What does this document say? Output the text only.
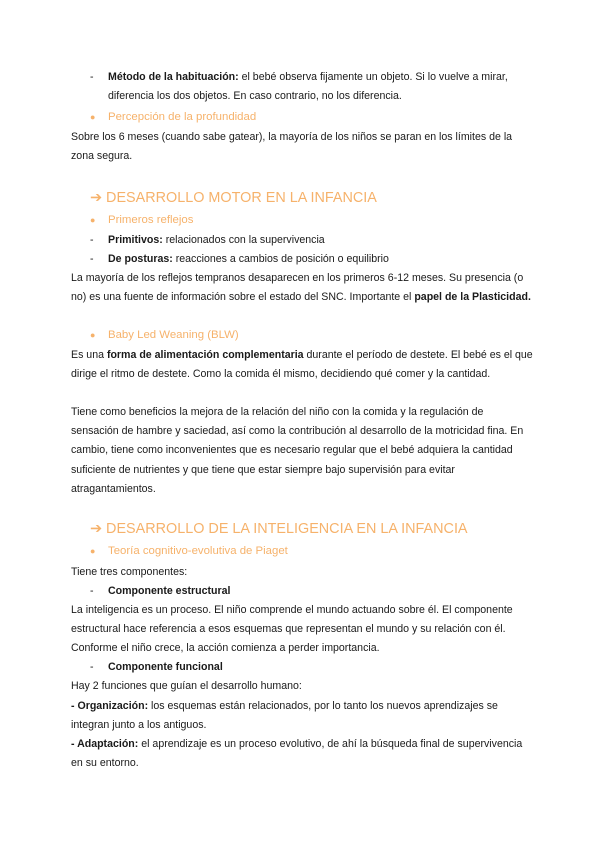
- Método de la habituación: el bebé observa fijamente un objeto. Si lo vuelve a mirar, diferencia los dos objetos. En caso contrario, no los diferencia.

● Percepción de la profundidad

Sobre los 6 meses (cuando sabe gatear), la mayoría de los niños se paran en los límites de la zona segura.

➔ DESARROLLO MOTOR EN LA INFANCIA
● Primeros reflejos
- Primitivos: relacionados con la supervivencia

- De posturas: reacciones a cambios de posición o equilibrio

La mayoría de los reflejos tempranos desaparecen en los primeros 6-12 meses. Su presencia (o no) es una fuente de información sobre el estado del SNC. Importante el papel de la Plasticidad.

● Baby Led Weaning (BLW)

Es una forma de alimentación complementaria durante el período de destete. El bebé es el que dirige el ritmo de destete. Como la comida él mismo, decidiendo qué comer y la cantidad.

Tiene como beneficios la mejora de la relación del niño con la comida y la regulación de sensación de hambre y saciedad, así como la contribución al desarrollo de la motricidad fina. En cambio, tiene como inconvenientes que es necesario regular que el bebé adquiera la cantidad suficiente de nutrientes y que tiene que estar siempre bajo supervisión para evitar atragantamientos.

➔ DESARROLLO DE LA INTELIGENCIA EN LA INFANCIA
● Teoría cognitivo-evolutiva de Piaget

Tiene tres componentes:

- Componente estructural

La inteligencia es un proceso. El niño comprende el mundo actuando sobre él. El componente estructural hace referencia a esos esquemas que representan el mundo y su relación con él. Conforme el niño crece, la acción comienza a perder importancia.

- Componente funcional

Hay 2 funciones que guían el desarrollo humano:

- Organización: los esquemas están relacionados, por lo tanto los nuevos aprendizajes se integran junto a los antiguos.

- Adaptación: el aprendizaje es un proceso evolutivo, de ahí la búsqueda final de supervivencia en su entorno.
